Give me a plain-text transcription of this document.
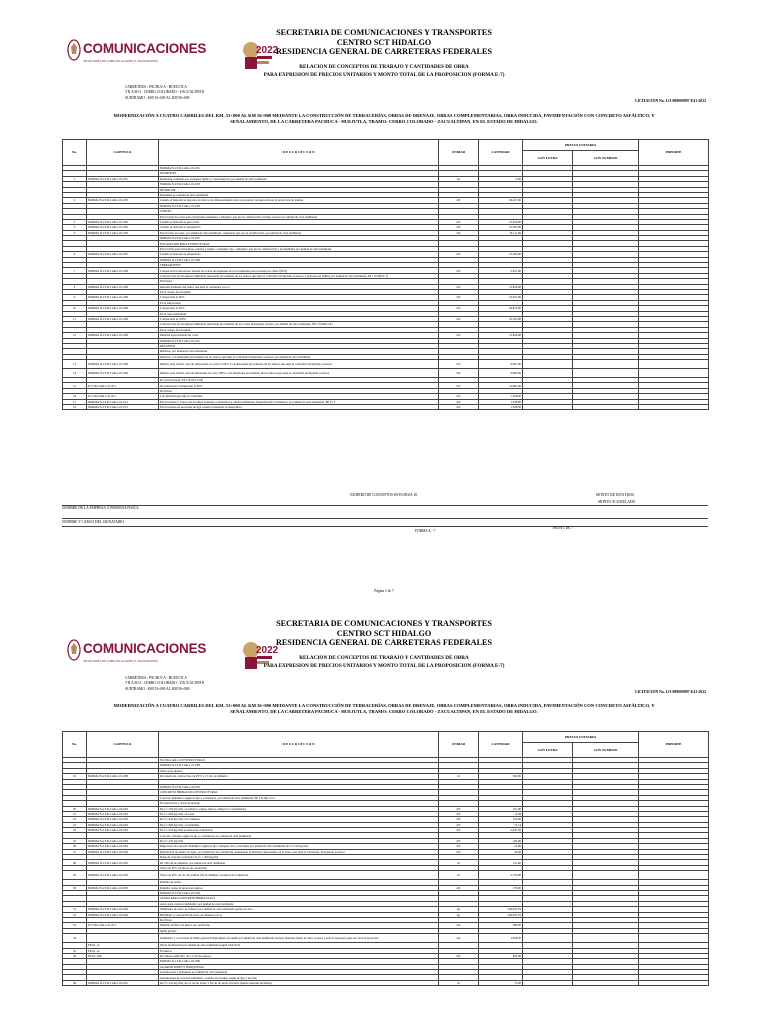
COMUNICACIONES
SECRETARÍA DE COMUNICACIONES Y TRANSPORTES
2022
SECRETARIA DE COMUNICACIONES Y TRANSPORTES
CENTRO SCT HIDALGO
RESIDENCIA GENERAL DE CARRETERAS FEDERALES
RELACION DE CONCEPTOS DE TRABAJO Y CANTIDADES DE OBRA
PARA EXPRESION DE PRECIOS UNITARIOS Y MONTO TOTAL DE LA PROPOSICION (FORMA E-7)
CARRETERA : PACHUCA - HUEJUTLA
T R A M O : CERRO COLORADO - ZACUALTIPAN
SUBTRAMO : KM 53+000 AL KM 56+000
LICITACION No. LO-009000997-E41-2022
MODERNIZACIÓN A CUATRO CARRILES DEL KM. 53+000 AL KM 56+000 MEDIANTE LA CONSTRUCCIÓN DE TERRACERÍAS, OBRAS DE DRENAJE, OBRAS COMPLEMENTARIAS, OBRA INDUCIDA, PAVIMENTACIÓN CON CONCRETO ASFÁLTICO, Y
SEÑALAMIENTO, DE LA CARRETERA PACHUCA - HUEJUTLA, TRAMO: CERRO COLORADO - ZACUALTIPAN, EN EL ESTADO DE HIDALGO.
No.	CAPITULO	D E S C R I P C I O N	UNIDAD	CANTIDAD	PRECIO UNITARIO		IMPORTE
					CON LETRA	CON NUMERO	
		NORMA N-CTR-CAR-1-01-001					
		DESMONTE					
1	NORMA N-CTR-CAR-1-01-001	Desmonte, realizado por cualquier medio y consecuencias, por unidad de obra terminada	ha	0.96			
		NORMA N-CTR-CAR-1-01-003					
		DESPALME					
		Despalme por unidad de obra terminada					
2	NORMA N-CTR-CAR-1-01-003	Cuando el material se deposita en bancos de almacenamiento para su posterior recuperación en la protección de taludes	m3	29,417.00			
		NORMA N-CTR-CAR-1-01-003					
		CORTES					
		Excavación de cortes para terraplenes existentes, cualquiera que sea su clasificación, incluye acarreo por unidad de obra terminada					
3	NORMA N-CTR-CAR-1-01-003	Cuando el material se aprovecha	m3	13,629.00			
4	NORMA N-CTR-CAR-1-01-003	Cuando el material se desperdicia	m3	10,587.00			
5	NORMA N-CTR-CAR-1-01-003	Excavación en cajas, por unidad de obra terminada, cualquiera que sea su clasificación, por unidad de obra terminada	m3	19,111.00			
		NORMA N-CTR-CAR-1-01-007					
		EXCAVACION PARA ESTRUCTURAS					
		Excavación para estructuras, canales y zanjas a cualquier tipo, cualquiera que sea su clasificación y profundidad, por unidad de obra terminada					
6	NORMA N-CTR-CAR-1-01-007	Cuando el material se desperdicia	m3	13,269.00			
		NORMA N-CTR-CAR-1-01-009					
		TERRAPLENES					
7	NORMA N-CTR-CAR-1-01-009	Compactación del terreno natural en el área de desplante de los terraplenes para noventa por ciento (90%)	m3	5,951.00			
		Construcción de terraplenes utilizando materiales procedentes de los bancos que elija el contratista incluyendo acarreos, y personas de firmes, por unidad de obra terminada, EP 1 N-009-T-11					
		Principios					
8	NORMA N-CTR-CAR-1-01-009	material fondeado del banco que elija la contratista p.u.o.t.	m3	13,959.00			
		En el cuerpo de terraplén:					
9	NORMA N-CTR-CAR-1-01-009	Compactado al 90%	m3	19,053.00			
		En la subyacente:					
10	NORMA N-CTR-CAR-1-01-009	Compactado al 95%	m3	26,873.00			
		En la capa subrasante:					
11	NORMA N-CTR-CAR-1-01-009	Compactado al 100%	m3	10,105.00			
		Construcción de terraplenes utilizando materiales procedentes de los cortes incluyendo acarreo, por unidad de obra terminada, EP 1 N-009-T-01					
		En el cuerpo de terraplén:					
12	NORMA N-CTR-CAR-1-01-009	Material aprovechable del corte	m3	13,629.00			
		NORMA N-CTR-CAR-1-01-011					
		RELLENOS					
		Rellenos, por unidad de obra terminada					
		Rellenos, con materiales procedentes de los bancos que elija el contratista incluyendo acarreos, por unidad de obra terminada					
13	NORMA N-CTR-CAR-1-01-009	Relleno para formar capa de subyacente en cortes al 95%, Con materiales procedentes de los bancos que elija el contratista incluyendo acarreos	m3	6,097.00			
14	NORMA N-CTR-CAR-1-01-009	Relleno para formar capa de subrasante en corte 100%, Con materiales procedentes de los bancos que elija el contratista incluyendo acarreos	m3	6,085.00			
		De excavaciones, EP 1 N-001-T-06:					
15	N-CTR-CAR-1-01-011	De estructuras Compactado al 95%	m3	14,691.00			
		De filtros:					
16	N-CTR-CAR-1-01-011	Con material que elija el contratista	m3	7,508.00			
17	NORMA N-CTR-CAR-1-01-013	Excavaciones y acarreo de la rampa existente construida por unidad terminada, desperdiciando el material, por unidad de obra terminada, EP 01 T	m3	1,538.00			
18	NORMA N-CTR-CAR-1-01-013	Excavaciones en escalones de liga cuando el material se desperdicia	m3	1,528.00			
NUMERO DE CONCEPTOS ESTA HOJA 18	MONTO DE ESTA HOJA
MONTO ACUMULADO
NOMBRE DE LA EMPRESA O PERSONA FISICA
NOMBRE Y CARGO DEL SIGNATARIO
FORMA E - 7
HOJA 1 DE 7
Página 1 de 7
COMUNICACIONES
SECRETARÍA DE COMUNICACIONES Y TRANSPORTES
2022
SECRETARIA DE COMUNICACIONES Y TRANSPORTES
CENTRO SCT HIDALGO
RESIDENCIA GENERAL DE CARRETERAS FEDERALES
RELACION DE CONCEPTOS DE TRABAJO Y CANTIDADES DE OBRA
PARA EXPRESION DE PRECIOS UNITARIOS Y MONTO TOTAL DE LA PROPOSICION (FORMA E-7)
CARRETERA : PACHUCA - HUEJUTLA
T R A M O : CERRO COLORADO - ZACUALTIPAN
SUBTRAMO : KM 53+000 AL KM 56+000
LICITACION No. LO-009000997-E41-2022
MODERNIZACIÓN A CUATRO CARRILES DEL KM. 53+000 AL KM 56+000 MEDIANTE LA CONSTRUCCIÓN DE TERRACERÍAS, OBRAS DE DRENAJE, OBRAS COMPLEMENTARIAS, OBRA INDUCIDA, PAVIMENTACIÓN CON CONCRETO ASFÁLTICO, Y
SEÑALAMIENTO, DE LA CARRETERA PACHUCA - HUEJUTLA, TRAMO: CERRO COLORADO - ZACUALTIPAN, EN EL ESTADO DE HIDALGO.
No.	CAPITULO	D E S C R I P C I O N	UNIDAD	CANTIDAD	PRECIO UNITARIO		IMPORTE
					CON LETRA	CON NUMERO	
		N-CTR-CAR-1-02 ESTRUCTURAS					
		NORMA N-CTR-CAR-1-01-008					
		Tubos para drenes:					
19	NORMA N-CTR-CAR-1-01-008	De tubería de contracción, de PVC y 15 cm. de diámetro	m	360.00			

		NORMA N-CTR-CAR-1-02-003					
		CONCRETO HIDRAULICO ESTRUCTURAL					
		Concreto hidráulico según su tipo y resistencia, por unidad de obra terminada, EP 1 N-001-T-11					
		En estructuras y obras de drenaje					
20	NORMA N-CTR-CAR-1-02-003	De f'c=150 kg/cm2, en rellenos, zanjas, muros, zampeos y conformados	m3	101.00			
21	NORMA N-CTR-CAR-1-02-003	De f'c=200 kg/cm2, en losas	m3	15.58			
22	NORMA N-CTR-CAR-1-02-003	De f'c=250 kg/cm2, en columnas	m3	150.00			
23	NORMA N-CTR-CAR-1-02-003	De f'c=300 kg/cm2, en plantillas	m3	72.14			
24	NORMA N-CTR-CAR-1-02-003	De f'c=250 kg/cm2 en muros de contención	m3	2,637.56			
		Concreto ciclópeo según su tipo y resistencia, por unidad de obra terminada					
25	NORMA N-CTR-CAR-1-02-003	De f'c=150 kg/cm2	m3	164.00			
26	NORMA N-CTR-CAR-1-02-004	Empotrado de concreto hidráulico según su tipo cualquier obra y terraplén por unidad de obra terminada de f'c=150 kg/cm2	m3	21.00			
27	NORMA N-CTR-CAR-1-02-004	Demolición de asfalto en lajas, por unidad de obra terminada, despejando el material, depositando en el banco que elija el contratista, incluyendo acarreos	m3	44.00			
		Dalas de concreto reforzado de f'c = 200 kg/cm2					
28	NORMA N-CTR-CAR-1-02-003	De 100 cm de diámetro, por unidad de obra terminada	m	121.00			
		Tubos de PVC en muros de contención					
29	NORMA N-CTR-CAR-1-02-003	Tubos de PVC de 10 cm (calibre 10) de diámetro en muros de contención	m	2,759.00			
		Pantalla de arena:					
30	NORMA N-CTR-CAR-1-02-003	Pantalla: arena de arena para muros	m3	176.00			
		NORMA N-CTR-CAR-1-02-004					
		ACERO PARA CONCRETO HIDRAULICO					
		Acero para concreto hidráulico por unidad de obra terminada					
31	NORMA N-CTR-CAR-1-02-004	Suministro de acero de refuerzo por unidad de obra terminada puesta en obra	kg	229,933.79			
32	NORMA N-CTR-CAR-1-02-004	Habilitado y colocación de acero de refuerzo p.u.o.t.	kg	229,933.79			
		De filtros:					
33	N-CTR-CAR-1-01-011	Material de filtro en muros de contención	m3	389.00			
		Malla gavión:					
34		Suministro y colocación de Malla gavión Polipropileno en rejilla por unidad de obra terminada, incluye material, mano de obra, acarreo y todo lo necesario para su correcta ejecución	m2	1,058.50			
	EP-01-12	Obras de filtración por unidad de obra terminada (según SSA-013)					
35	EP-01-12	En muros					
36	EP-01-12R	De relleno unificado, de 1.5 cm de espesor	m2	495.00			
		NORMA N-CTR-CAR-1-02-009					
		GUARNICIONES Y BANQUETAS					
		Guarniciones y banquetas por unidad de obra terminada					
		Guarniciones de concreto hidráulico, colados en el lugar, según su tipo y sección					
38	NORMA N-CTR-CAR-1-02-010	De f'c=150 kg/cm2, de 14 cm de altura y 30 cm de ancho (incluye plantas pintadas incluidas)	m	75.00			
